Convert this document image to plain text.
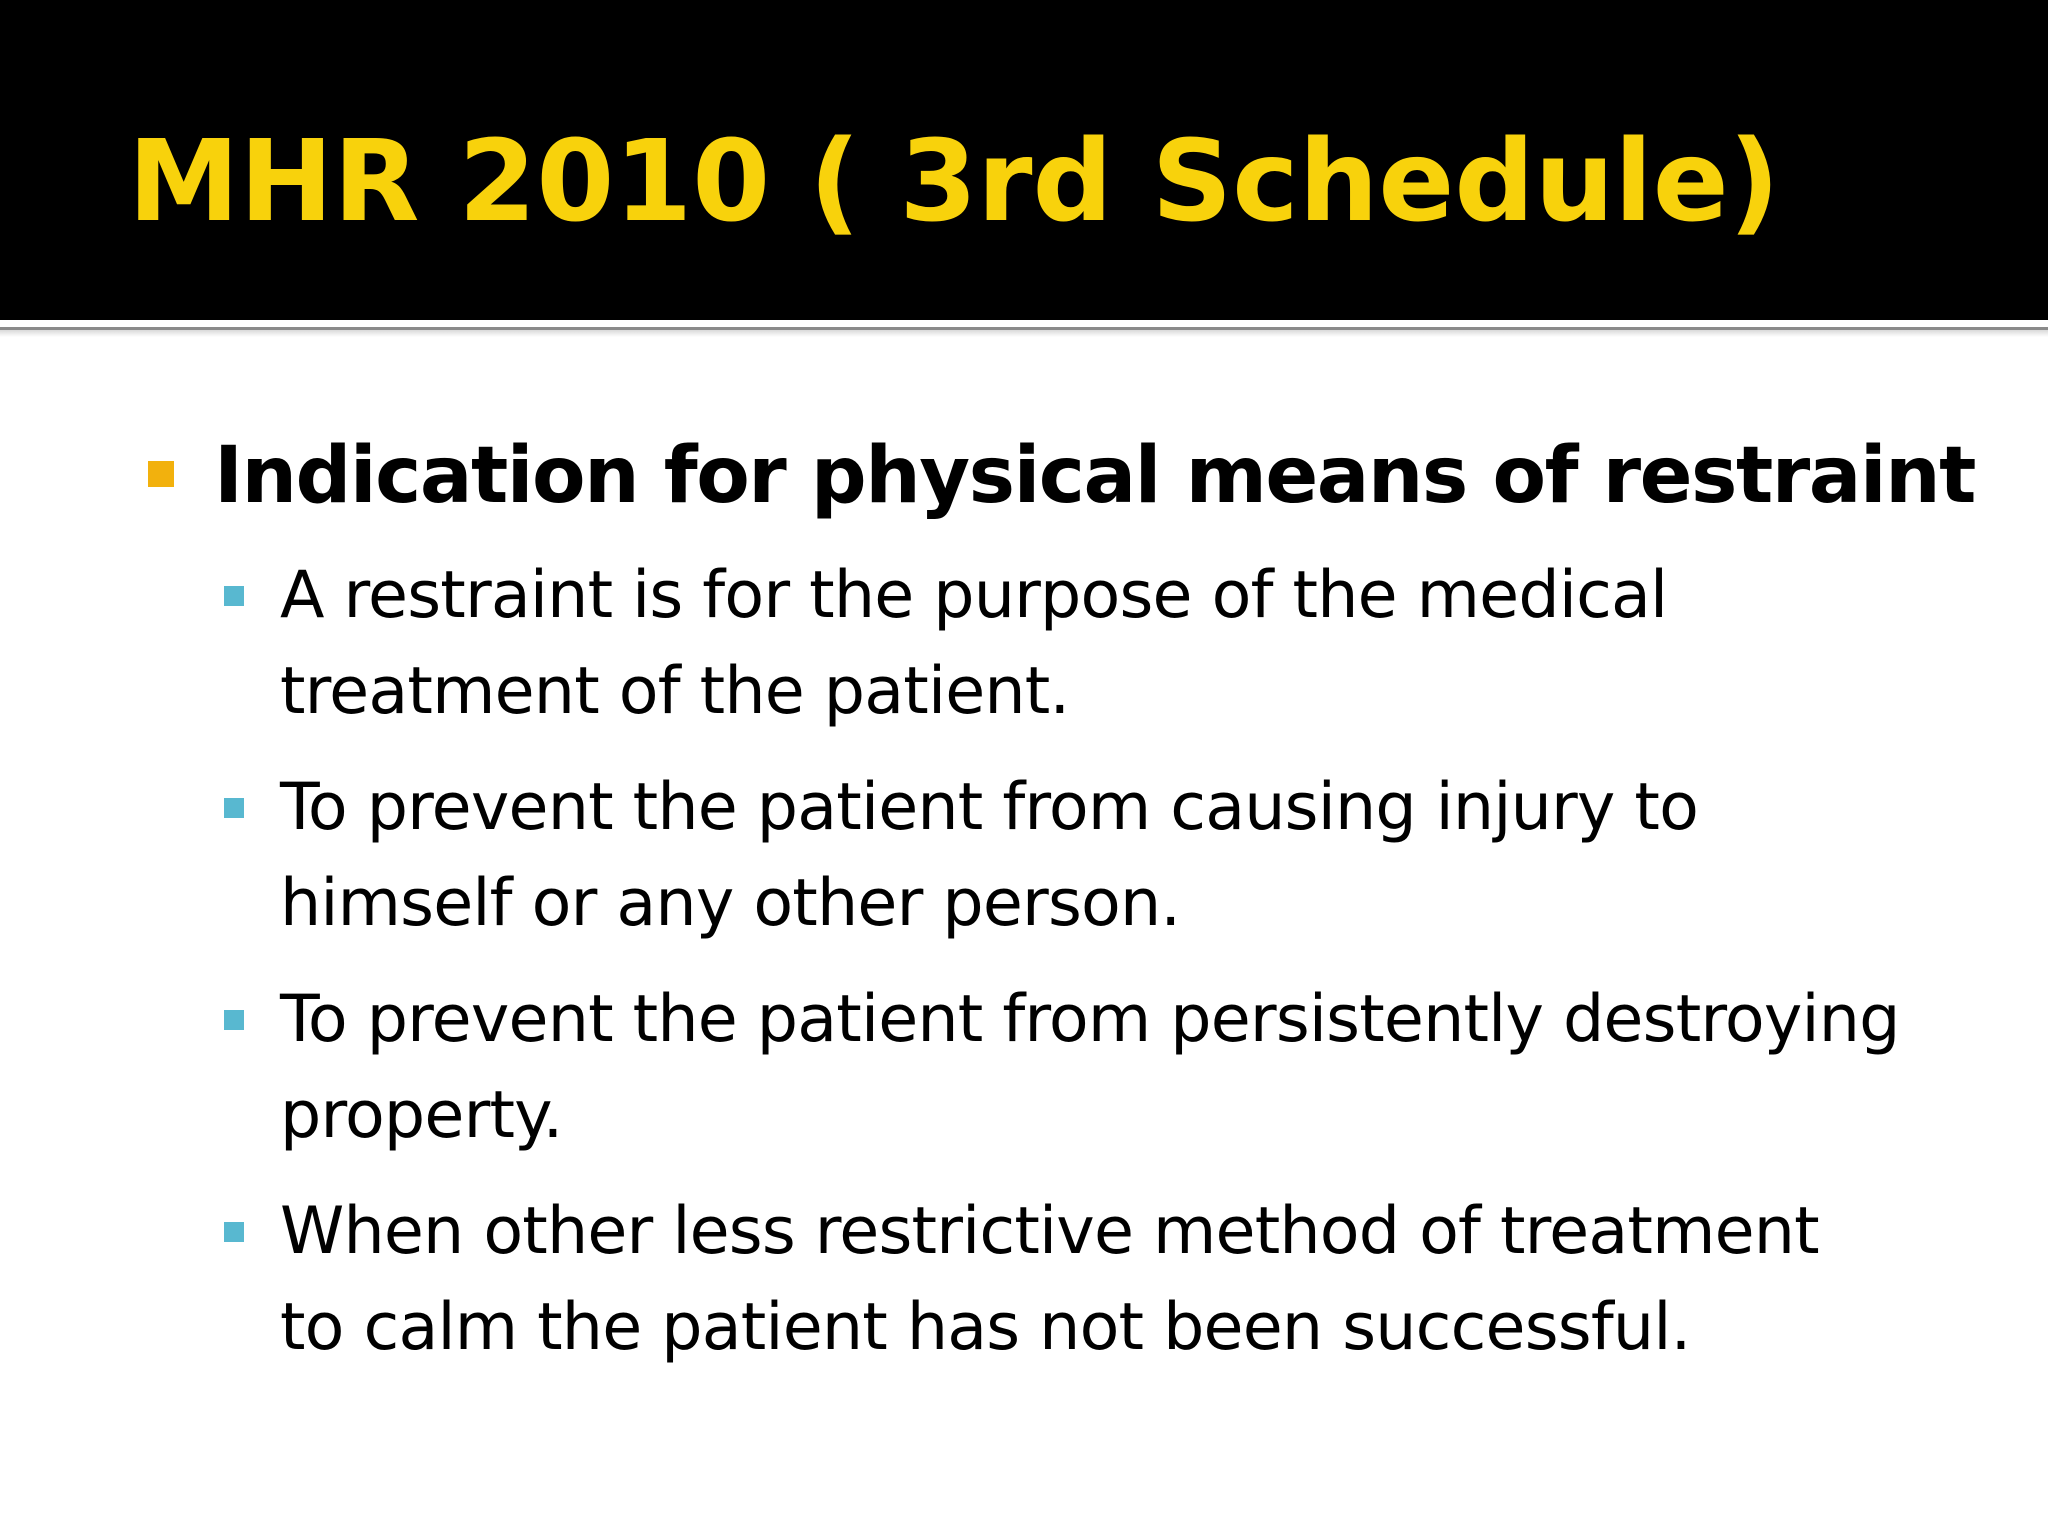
MHR 2010 ( 3rd Schedule)

Indication for physical means of restraint

A restraint is for the purpose of the medical treatment of the patient.

To prevent the patient from causing injury to himself or any other person.

To prevent the patient from persistently destroying property.

When other less restrictive method of treatment to calm the patient has not been successful.
